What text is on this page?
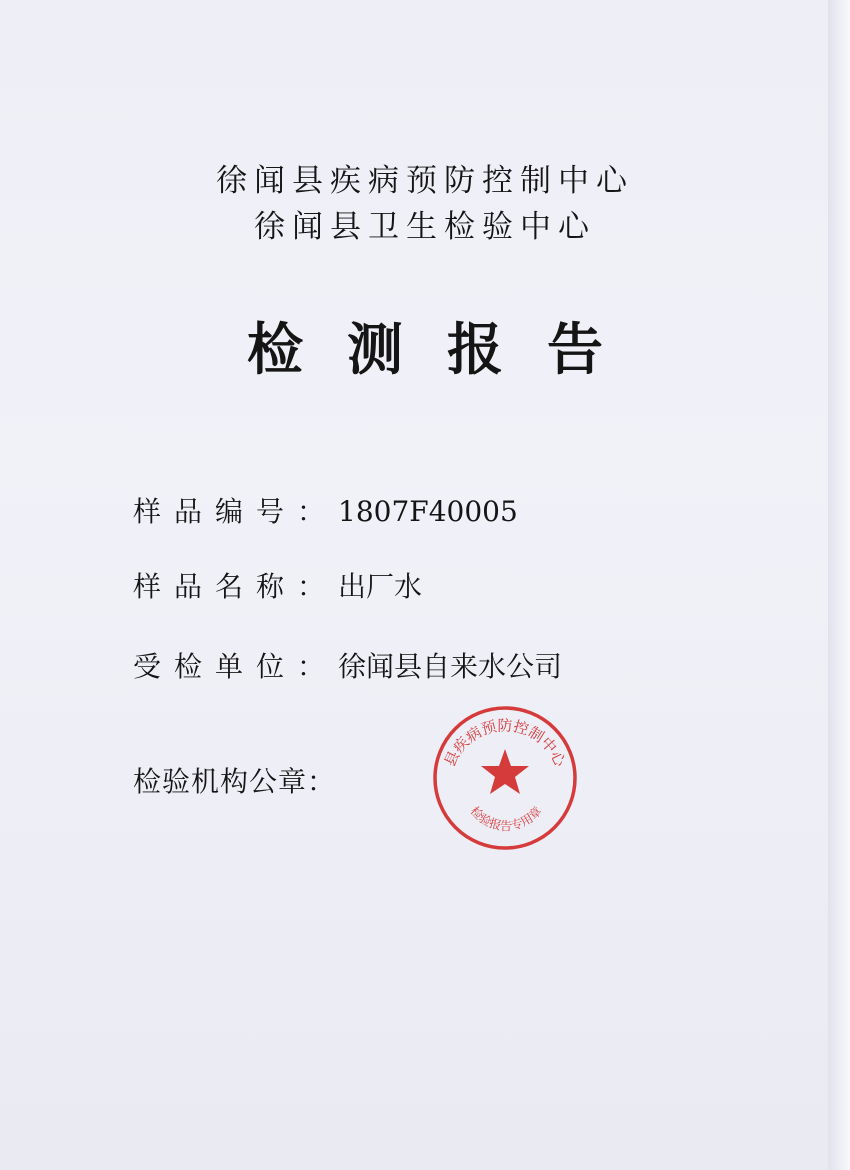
徐闻县疾病预防控制中心
徐闻县卫生检验中心
检测报告
样品编号：1807F40005
样品名称：出厂水
受检单位：徐闻县自来水公司
检验机构公章：
县疾病预防控制中心
检验报告专用章
